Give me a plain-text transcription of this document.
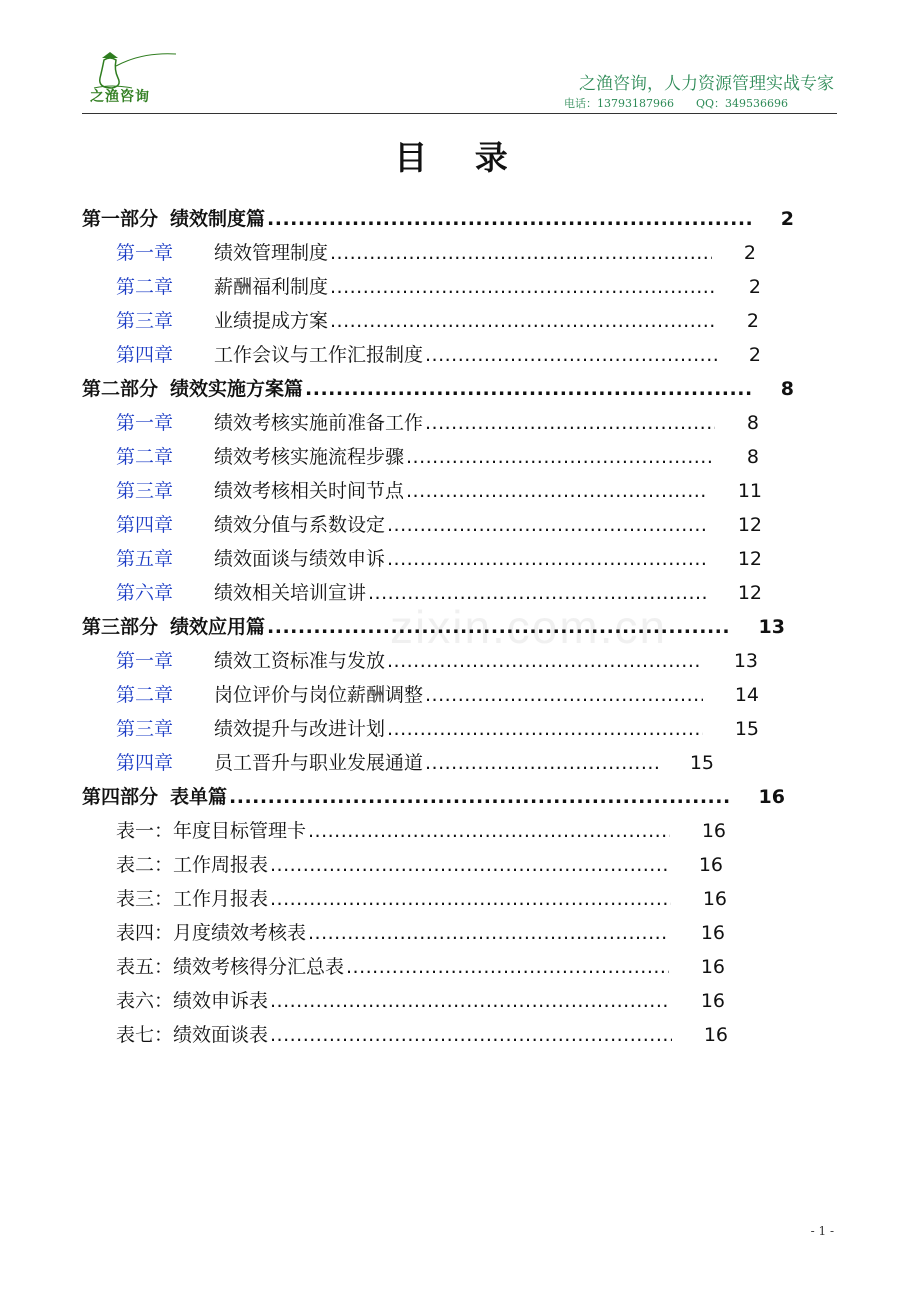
之渔咨询
之渔咨询，人力资源管理实战专家
电话：13793187966 QQ：349536696
目 录
zixin.com.cn
第一部分 绩效制度篇 .....	2
第一章	绩效管理制度 .....	2
第二章	薪酬福利制度 .....	2
第三章	业绩提成方案 .....	2
第四章	工作会议与工作汇报制度 .....	2
第二部分 绩效实施方案篇 .....	8
第一章	绩效考核实施前准备工作 .....	8
第二章	绩效考核实施流程步骤 .....	8
第三章	绩效考核相关时间节点 .....	11
第四章	绩效分值与系数设定 .....	12
第五章	绩效面谈与绩效申诉 .....	12
第六章	绩效相关培训宣讲 .....	12
第三部分 绩效应用篇 .....	13
第一章	绩效工资标准与发放 .....	13
第二章	岗位评价与岗位薪酬调整 .....	14
第三章	绩效提升与改进计划 .....	15
第四章	员工晋升与职业发展通道 .....	15
第四部分 表单篇 .....	16
表一：年度目标管理卡 .....	16
表二：工作周报表 .....	16
表三：工作月报表 .....	16
表四：月度绩效考核表 .....	16
表五：绩效考核得分汇总表 .....	16
表六：绩效申诉表 .....	16
表七：绩效面谈表 .....	16
- 1 -
